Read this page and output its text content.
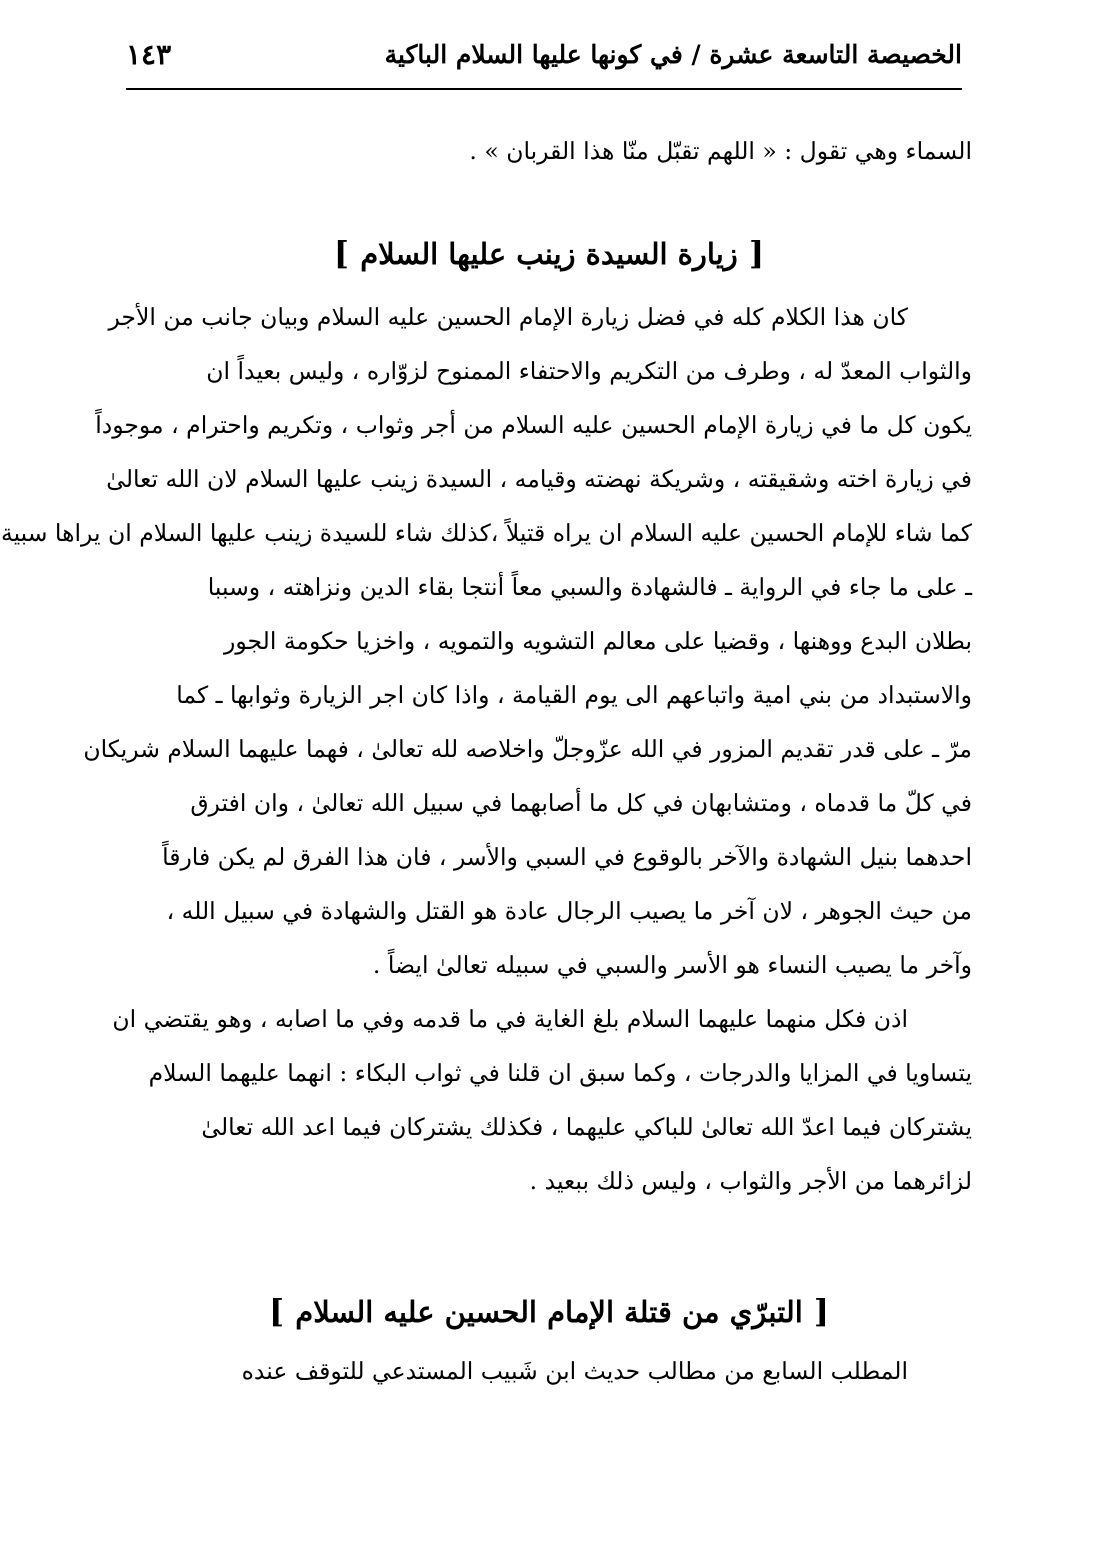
الخصيصة التاسعة عشرة / في كونها عليها السلام الباكية
١٤٣
السماء وهي تقول : « اللهم تقبّل منّا هذا القربان » .
[ زيارة السيدة زينب عليها السلام ]
كان هذا الكلام كله في فضل زيارة الإمام الحسين عليه السلام وبيان جانب من الأجر
والثواب المعدّ له ، وطرف من التكريم والاحتفاء الممنوح لزوّاره ، وليس بعيداً ان
يكون كل ما في زيارة الإمام الحسين عليه السلام من أجر وثواب ، وتكريم واحترام ، موجوداً
في زيارة اخته وشقيقته ، وشريكة نهضته وقيامه ، السيدة زينب عليها السلام لان الله تعالىٰ
كما شاء للإمام الحسين عليه السلام ان يراه قتيلاً ،كذلك شاء للسيدة زينب عليها السلام ان يراها سبية
ـ على ما جاء في الرواية ـ فالشهادة والسبي معاً أنتجا بقاء الدين ونزاهته ، وسببا
بطلان البدع ووهنها ، وقضيا على معالم التشويه والتمويه ، واخزيا حكومة الجور
والاستبداد من بني امية واتباعهم الى يوم القيامة ، واذا كان اجر الزيارة وثوابها ـ كما
مرّ ـ على قدر تقديم المزور في الله عزّوجلّ واخلاصه لله تعالىٰ ، فهما عليهما السلام شريكان
في كلّ ما قدماه ، ومتشابهان في كل ما أصابهما في سبيل الله تعالىٰ ، وان افترق
احدهما بنيل الشهادة والآخر بالوقوع في السبي والأسر ، فان هذا الفرق لم يكن فارقاً
من حيث الجوهر ، لان آخر ما يصيب الرجال عادة هو القتل والشهادة في سبيل الله ،
وآخر ما يصيب النساء هو الأسر والسبي في سبيله تعالىٰ ايضاً .
اذن فكل منهما عليهما السلام بلغ الغاية في ما قدمه وفي ما اصابه ، وهو يقتضي ان
يتساويا في المزايا والدرجات ، وكما سبق ان قلنا في ثواب البكاء : انهما عليهما السلام
يشتركان فيما اعدّ الله تعالىٰ للباكي عليهما ، فكذلك يشتركان فيما اعد الله تعالىٰ
لزائرهما من الأجر والثواب ، وليس ذلك ببعيد .
[ التبرّي من قتلة الإمام الحسين عليه السلام ]
المطلب السابع من مطالب حديث ابن شَبيب المستدعي للتوقف عنده
